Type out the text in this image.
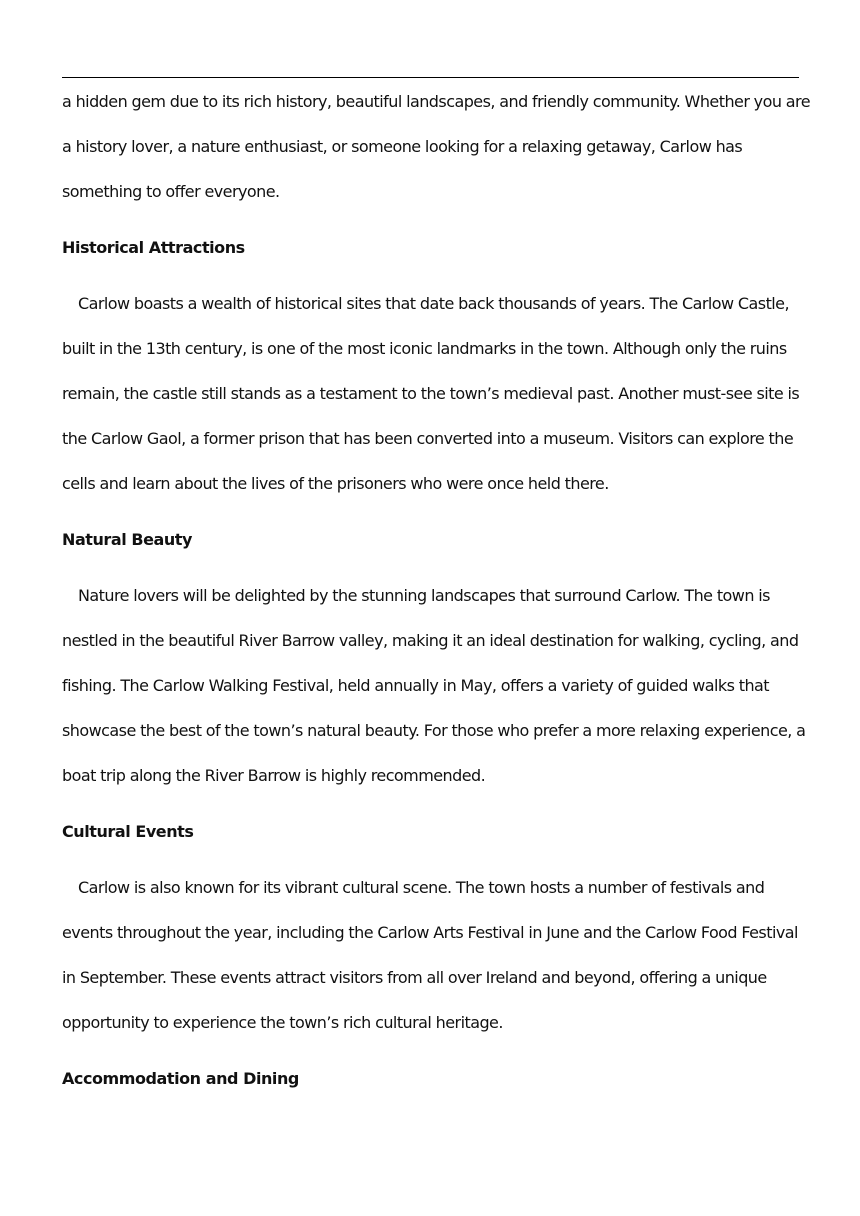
a hidden gem due to its rich history, beautiful landscapes, and friendly community. Whether you are a history lover, a nature enthusiast, or someone looking for a relaxing getaway, Carlow has something to offer everyone.

Historical Attractions

Carlow boasts a wealth of historical sites that date back thousands of years. The Carlow Castle, built in the 13th century, is one of the most iconic landmarks in the town. Although only the ruins remain, the castle still stands as a testament to the town’s medieval past. Another must-see site is the Carlow Gaol, a former prison that has been converted into a museum. Visitors can explore the cells and learn about the lives of the prisoners who were once held there.

Natural Beauty

Nature lovers will be delighted by the stunning landscapes that surround Carlow. The town is nestled in the beautiful River Barrow valley, making it an ideal destination for walking, cycling, and fishing. The Carlow Walking Festival, held annually in May, offers a variety of guided walks that showcase the best of the town’s natural beauty. For those who prefer a more relaxing experience, a boat trip along the River Barrow is highly recommended.

Cultural Events

Carlow is also known for its vibrant cultural scene. The town hosts a number of festivals and events throughout the year, including the Carlow Arts Festival in June and the Carlow Food Festival in September. These events attract visitors from all over Ireland and beyond, offering a unique opportunity to experience the town’s rich cultural heritage.

Accommodation and Dining
